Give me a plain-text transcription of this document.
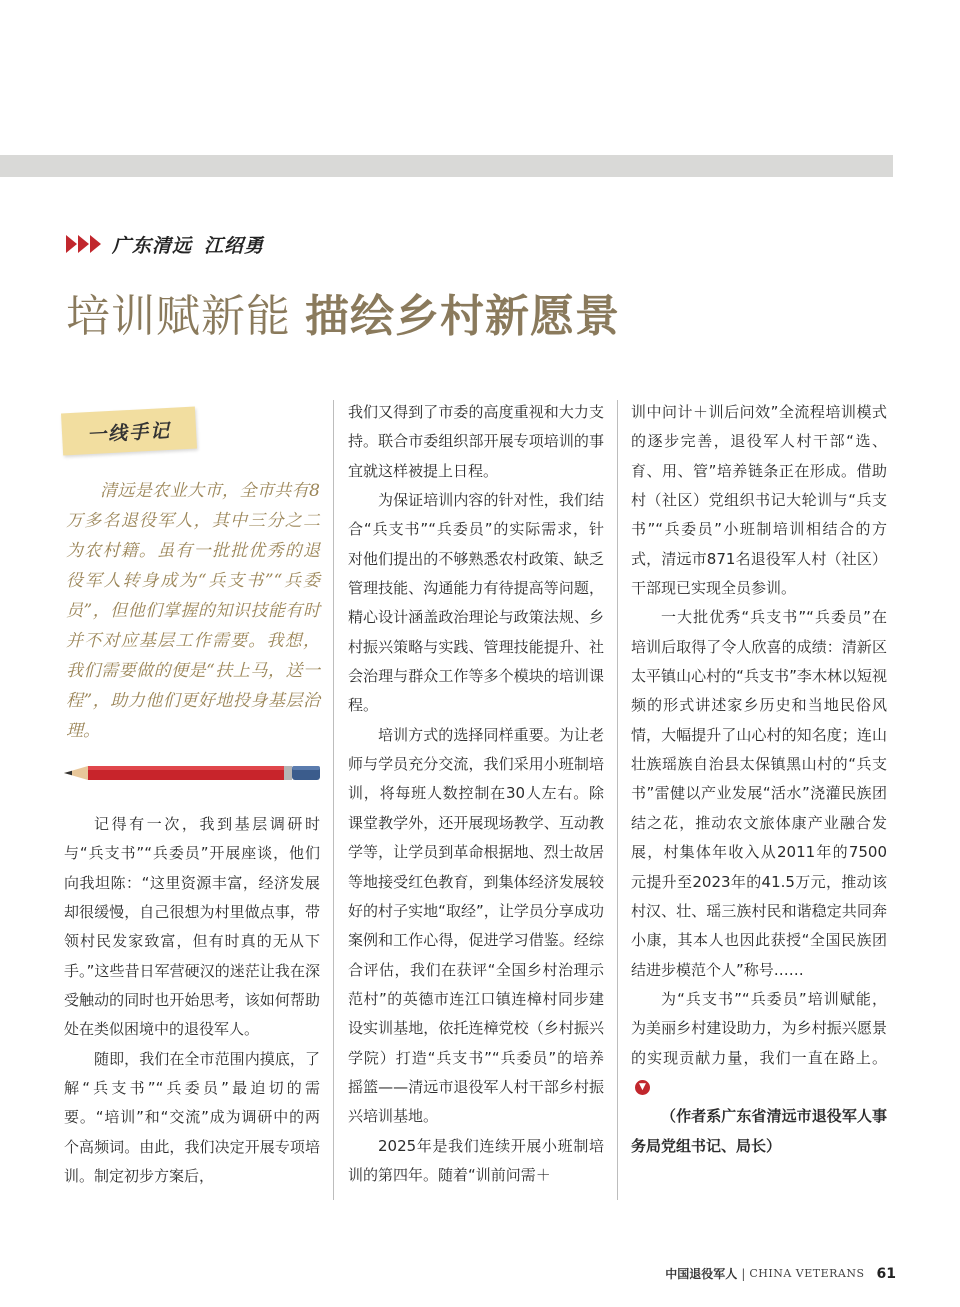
广东清远 江绍勇
培训赋新能 描绘乡村新愿景
一线手记

清远是农业大市，全市共有8万多名退役军人，其中三分之二为农村籍。虽有一批批优秀的退役军人转身成为“兵支书”“兵委员”，但他们掌握的知识技能有时并不对应基层工作需要。我想，我们需要做的便是“扶上马，送一程”，助力他们更好地投身基层治理。

记得有一次，我到基层调研时与“兵支书”“兵委员”开展座谈，他们向我坦陈：“这里资源丰富，经济发展却很缓慢，自己很想为村里做点事，带领村民发家致富，但有时真的无从下手。”这些昔日军营硬汉的迷茫让我在深受触动的同时也开始思考，该如何帮助处在类似困境中的退役军人。

随即，我们在全市范围内摸底，了解“兵支书”“兵委员”最迫切的需要。“培训”和“交流”成为调研中的两个高频词。由此，我们决定开展专项培训。制定初步方案后，

我们又得到了市委的高度重视和大力支持。联合市委组织部开展专项培训的事宜就这样被提上日程。

为保证培训内容的针对性，我们结合“兵支书”“兵委员”的实际需求，针对他们提出的不够熟悉农村政策、缺乏管理技能、沟通能力有待提高等问题，精心设计涵盖政治理论与政策法规、乡村振兴策略与实践、管理技能提升、社会治理与群众工作等多个模块的培训课程。

培训方式的选择同样重要。为让老师与学员充分交流，我们采用小班制培训，将每班人数控制在30人左右。除课堂教学外，还开展现场教学、互动教学等，让学员到革命根据地、烈士故居等地接受红色教育，到集体经济发展较好的村子实地“取经”，让学员分享成功案例和工作心得，促进学习借鉴。经综合评估，我们在获评“全国乡村治理示范村”的英德市连江口镇连樟村同步建设实训基地，依托连樟党校（乡村振兴学院）打造“兵支书”“兵委员”的培养摇篮——清远市退役军人村干部乡村振兴培训基地。

2025年是我们连续开展小班制培训的第四年。随着“训前问需＋

训中问计＋训后问效”全流程培训模式的逐步完善，退役军人村干部“选、育、用、管”培养链条正在形成。借助村（社区）党组织书记大轮训与“兵支书”“兵委员”小班制培训相结合的方式，清远市871名退役军人村（社区）干部现已实现全员参训。

一大批优秀“兵支书”“兵委员”在培训后取得了令人欣喜的成绩：清新区太平镇山心村的“兵支书”李木林以短视频的形式讲述家乡历史和当地民俗风情，大幅提升了山心村的知名度；连山壮族瑶族自治县太保镇黑山村的“兵支书”雷健以产业发展“活水”浇灌民族团结之花，推动农文旅体康产业融合发展，村集体年收入从2011年的7500元提升至2023年的41.5万元，推动该村汉、壮、瑶三族村民和谐稳定共同奔小康，其本人也因此获授“全国民族团结进步模范个人”称号……

为“兵支书”“兵委员”培训赋能，为美丽乡村建设助力，为乡村振兴愿景的实现贡献力量，我们一直在路上。▼

（作者系广东省清远市退役军人事务局党组书记、局长）

中国退役军人 | CHINA VETERANS 61
